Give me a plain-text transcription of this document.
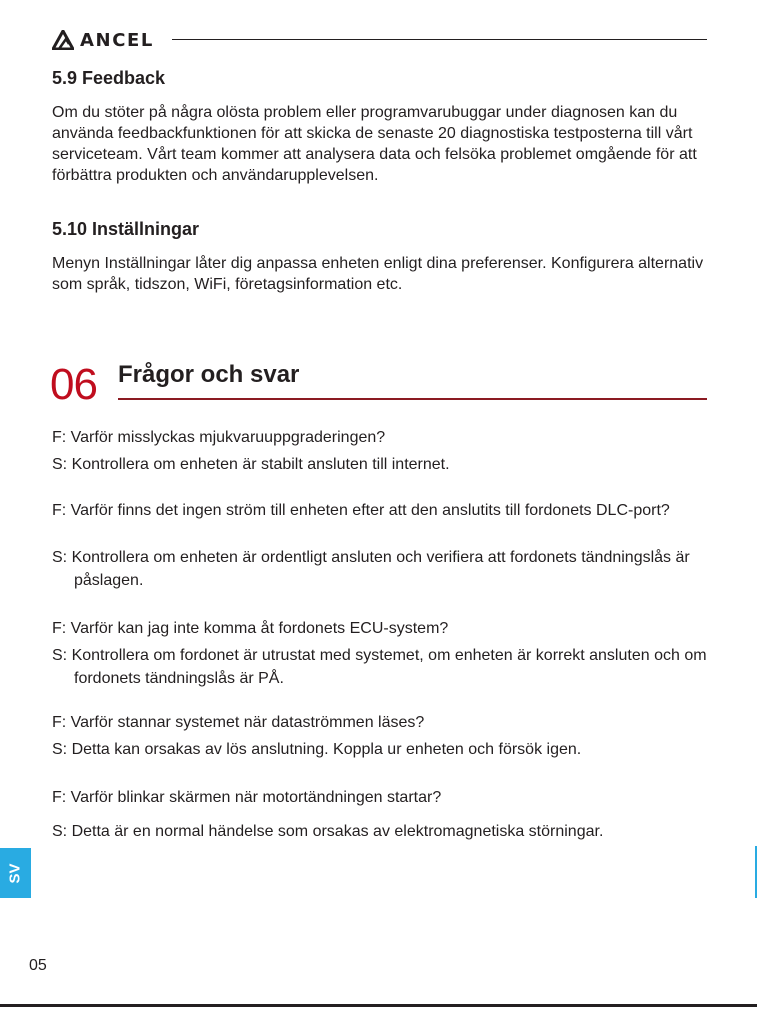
ANCEL
5.9 Feedback

Om du stöter på några olösta problem eller programvarubuggar under diagnosen kan du använda feedbackfunktionen för att skicka de senaste 20 diagnostiska testposterna till vårt serviceteam. Vårt team kommer att analysera data och felsöka problemet omgående för att förbättra produkten och användarupplevelsen.

5.10 Inställningar

Menyn Inställningar låter dig anpassa enheten enligt dina preferenser. Konfigurera alternativ som språk, tidszon, WiFi, företagsinformation etc.

06 Frågor och svar

F: Varför misslyckas mjukvaruuppgraderingen?

S: Kontrollera om enheten är stabilt ansluten till internet.

F: Varför finns det ingen ström till enheten efter att den anslutits till fordonets DLC-port?

S: Kontrollera om enheten är ordentligt ansluten och verifiera att fordonets tändningslås är påslagen.

F: Varför kan jag inte komma åt fordonets ECU-system?

S: Kontrollera om fordonet är utrustat med systemet, om enheten är korrekt ansluten och om fordonets tändningslås är PÅ.

F: Varför stannar systemet när dataströmmen läses?

S: Detta kan orsakas av lös anslutning. Koppla ur enheten och försök igen.

F: Varför blinkar skärmen när motortändningen startar?

S: Detta är en normal händelse som orsakas av elektromagnetiska störningar.

SV
05
